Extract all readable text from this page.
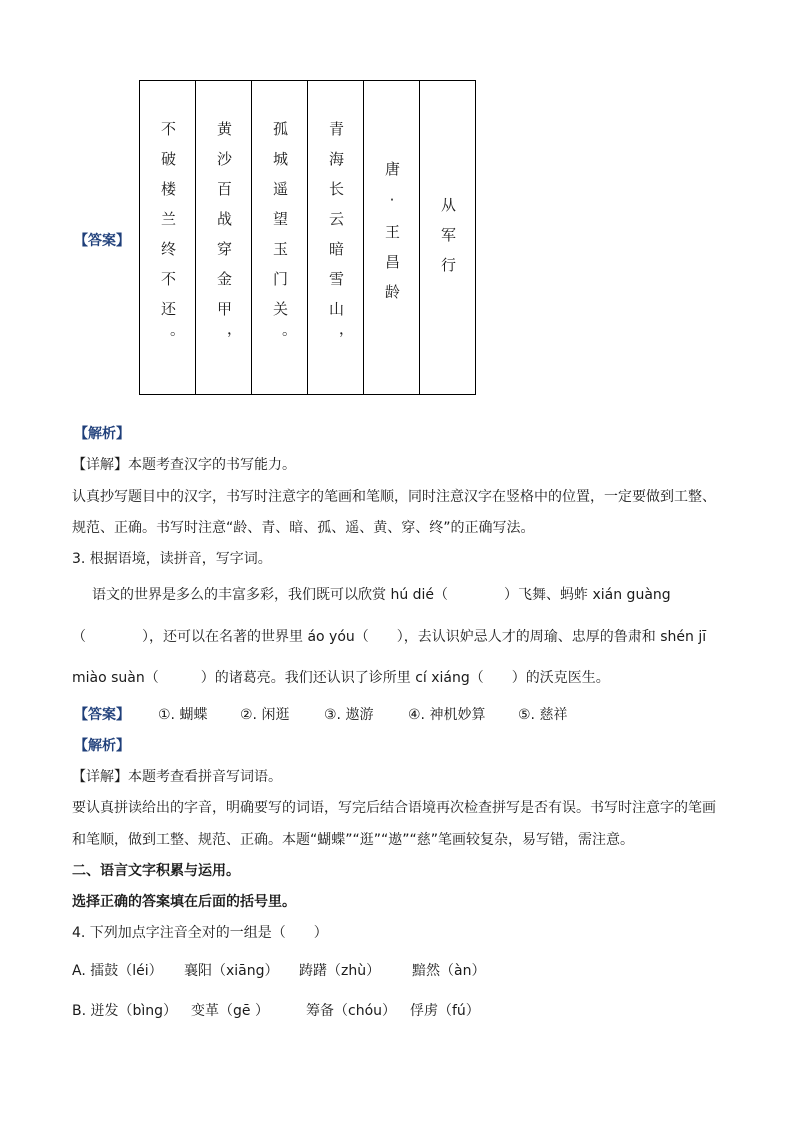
【答案】 不破楼兰终不还。	黄沙百战穿金甲，	孤城遥望玉门关。	青海长云暗雪山，	唐·王昌龄	从军行
【解析】
【详解】本题考查汉字的书写能力。
认真抄写题目中的汉字，书写时注意字的笔画和笔顺，同时注意汉字在竖格中的位置，一定要做到工整、
规范、正确。书写时注意“龄、青、暗、孤、遥、黄、穿、终”的正确写法。
3. 根据语境，读拼音，写字词。
语文的世界是多么的丰富多彩，我们既可以欣赏 hú dié（　　　　）飞舞、蚂蚱 xián guàng
（　　　　），还可以在名著的世界里 áo yóu（　　），去认识妒忌人才的周瑜、忠厚的鲁肃和 shén jī
miào suàn（　　　）的诸葛亮。我们还认识了诊所里 cí xiáng（　　）的沃克医生。
【答案】 ①. 蝴蝶 ②. 闲逛 ③. 遨游 ④. 神机妙算 ⑤. 慈祥
【解析】
【详解】本题考查看拼音写词语。
要认真拼读给出的字音，明确要写的词语，写完后结合语境再次检查拼写是否有误。书写时注意字的笔画
和笔顺，做到工整、规范、正确。本题“蝴蝶”“逛”“遨”“慈”笔画较复杂，易写错，需注意。
二、语言文字积累与运用。
选择正确的答案填在后面的括号里。
4. 下列加点字注音全对的一组是（　　）
A. 擂鼓（léi） 襄阳（xiāng） 踌躇（zhù） 黯然（àn）
B. 迸发（bìng） 变革（gē ）	筹备（chóu） 俘虏（fú）
